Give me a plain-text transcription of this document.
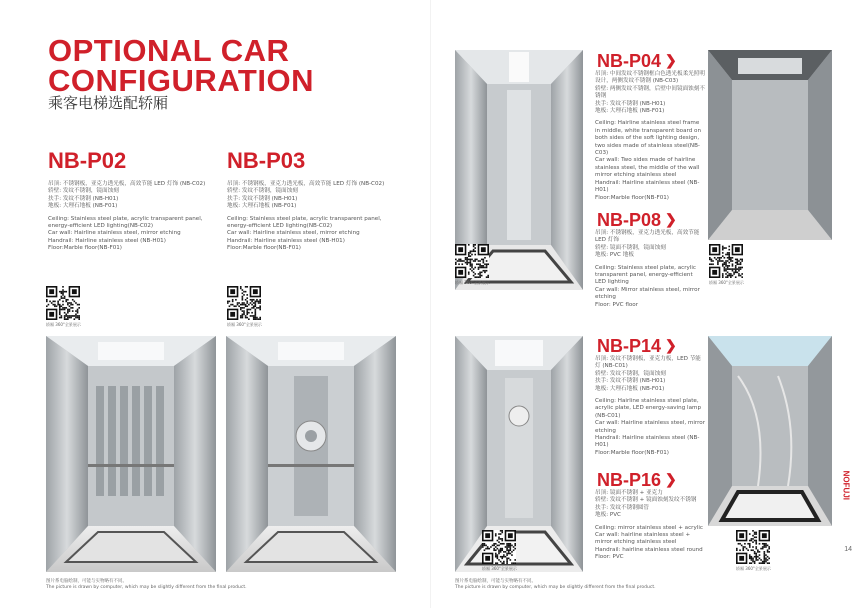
OPTIONAL CAR
CONFIGURATION
乘客电梯选配轿厢
NB-P02

吊顶: 不锈钢板，亚克力透光板，高效节能 LED 灯饰 (NB-C02)

轿壁: 发纹不锈钢，镜面蚀刻

扶手: 发纹不锈钢 (NB-H01)

地板: 大理石地板 (NB-F01)

Ceiling: Stainless steel plate, acrylic transparent panel, energy-efficient LED lighting(NB-C02)

Car wall: Hairline stainless steel, mirror etching

Handrail: Hairline stainless steel (NB-H01)

Floor:Marble floor(NB-F01)

轿厢 360°全景展示
NB-P03

吊顶: 不锈钢板，亚克力透光板，高效节能 LED 灯饰 (NB-C02)

轿壁: 发纹不锈钢，镜面蚀刻

扶手: 发纹不锈钢 (NB-H01)

地板: 大理石地板 (NB-F01)

Ceiling: Stainless steel plate, acrylic transparent panel, energy-efficient LED lighting(NB-C02)

Car wall: Hairline stainless steel, mirror etching

Handrail: Hairline stainless steel (NB-H01)

Floor:Marble floor(NB-F01)

轿厢 360°全景展示
图片系电脑绘制，可能与实物略有不同。
The picture is drawn by computer, which may be slightly different from the final product.
NB-P04 ❯

吊顶: 中间发纹不锈钢框白色透光板柔光照明设计，两侧发纹不锈钢 (NB-C03)

轿壁: 两侧发纹不锈钢，后壁中间镜面蚀刻不锈钢

扶手: 发纹不锈钢 (NB-H01)

地板: 大理石地板 (NB-F01)

Ceiling: Hairline stainless steel frame in middle, white transparent board on both sides of the soft lighting design, two sides made of stainless steel(NB-C03)

Car wall: Two sides made of hairline stainless steel, the middle of the wall mirror etching stainless steel

Handrail: Hairline stainless steel (NB-H01)

Floor:Marble floor(NB-F01)

轿厢 360°全景展示
NB-P08 ❯

吊顶: 不锈钢板，亚克力透光板，高效节能 LED 灯饰

轿壁: 镜面不锈钢，镜面蚀刻

地板: PVC 地板

Ceiling: Stainless steel plate, acrylic transparent panel, energy-efficient LED lighting

Car wall: Mirror stainless steel, mirror etching

Floor: PVC floor

轿厢 360°全景展示
NB-P14 ❯

吊顶: 发纹不锈钢板，亚克力板，LED 节能灯 (NB-C01)

轿壁: 发纹不锈钢，镜面蚀刻

扶手: 发纹不锈钢 (NB-H01)

地板: 大理石地板 (NB-F01)

Ceiling: Hairline stainless steel plate, acrylic plate, LED energy-saving lamp (NB-C01)

Car wall: Hairline stainless steel, mirror etching

Handrail: Hairline stainless steel (NB-H01)

Floor:Marble floor(NB-F01)

NOFUJI
14
NB-P16 ❯

吊顶: 镜面不锈钢 + 亚克力

轿壁: 发纹不锈钢 + 镜面蚀刻发纹不锈钢

扶手: 发纹不锈钢圆管

地板: PVC

Ceiling: mirror stainless steel + acrylic

Car wall: hairline stainless steel + mirror etching stainless steel

Handrail: hairline stainless steel round

Floor: PVC

轿厢 360°全景展示	轿厢 360°全景展示
图片系电脑绘制，可能与实物略有不同。
The picture is drawn by computer, which may be slightly different from the final product.
